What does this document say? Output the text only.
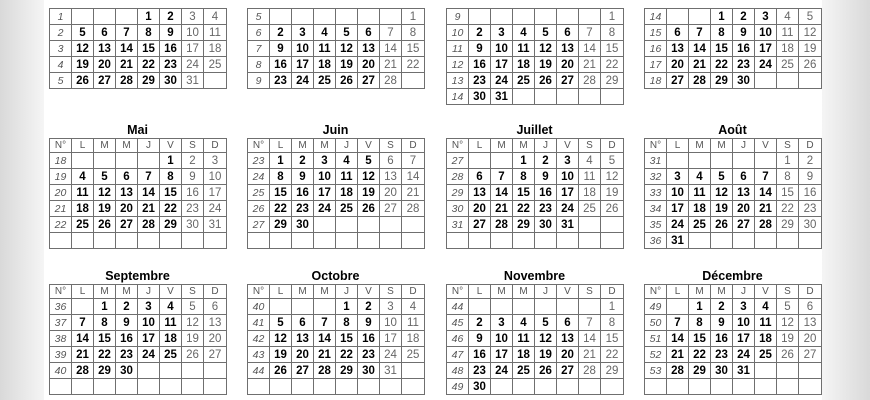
1				1	2	3	4
2	5	6	7	8	9	10	11
3	12	13	14	15	16	17	18
4	19	20	21	22	23	24	25
5	26	27	28	29	30	31	
5							1
6	2	3	4	5	6	7	8
7	9	10	11	12	13	14	15
8	16	17	18	19	20	21	22
9	23	24	25	26	27	28	
9							1
10	2	3	4	5	6	7	8
11	9	10	11	12	13	14	15
12	16	17	18	19	20	21	22
13	23	24	25	26	27	28	29
14	30	31					
14			1	2	3	4	5
15	6	7	8	9	10	11	12
16	13	14	15	16	17	18	19
17	20	21	22	23	24	25	26
18	27	28	29	30			
Mai
N°	L	M	M	J	V	S	D
18					1	2	3
19	4	5	6	7	8	9	10
20	11	12	13	14	15	16	17
21	18	19	20	21	22	23	24
22	25	26	27	28	29	30	31

Juin
N°	L	M	M	J	V	S	D
23	1	2	3	4	5	6	7
24	8	9	10	11	12	13	14
25	15	16	17	18	19	20	21
26	22	23	24	25	26	27	28
27	29	30					

Juillet
N°	L	M	M	J	V	S	D
27			1	2	3	4	5
28	6	7	8	9	10	11	12
29	13	14	15	16	17	18	19
30	20	21	22	23	24	25	26
31	27	28	29	30	31		

Août
N°	L	M	M	J	V	S	D
31						1	2
32	3	4	5	6	7	8	9
33	10	11	12	13	14	15	16
34	17	18	19	20	21	22	23
35	24	25	26	27	28	29	30
36	31						
Septembre
N°	L	M	M	J	V	S	D
36		1	2	3	4	5	6
37	7	8	9	10	11	12	13
38	14	15	16	17	18	19	20
39	21	22	23	24	25	26	27
40	28	29	30				

Octobre
N°	L	M	M	J	V	S	D
40				1	2	3	4
41	5	6	7	8	9	10	11
42	12	13	14	15	16	17	18
43	19	20	21	22	23	24	25
44	26	27	28	29	30	31	

Novembre
N°	L	M	M	J	V	S	D
44							1
45	2	3	4	5	6	7	8
46	9	10	11	12	13	14	15
47	16	17	18	19	20	21	22
48	23	24	25	26	27	28	29
49	30						
Décembre
N°	L	M	M	J	V	S	D
49		1	2	3	4	5	6
50	7	8	9	10	11	12	13
51	14	15	16	17	18	19	20
52	21	22	23	24	25	26	27
53	28	29	30	31			
